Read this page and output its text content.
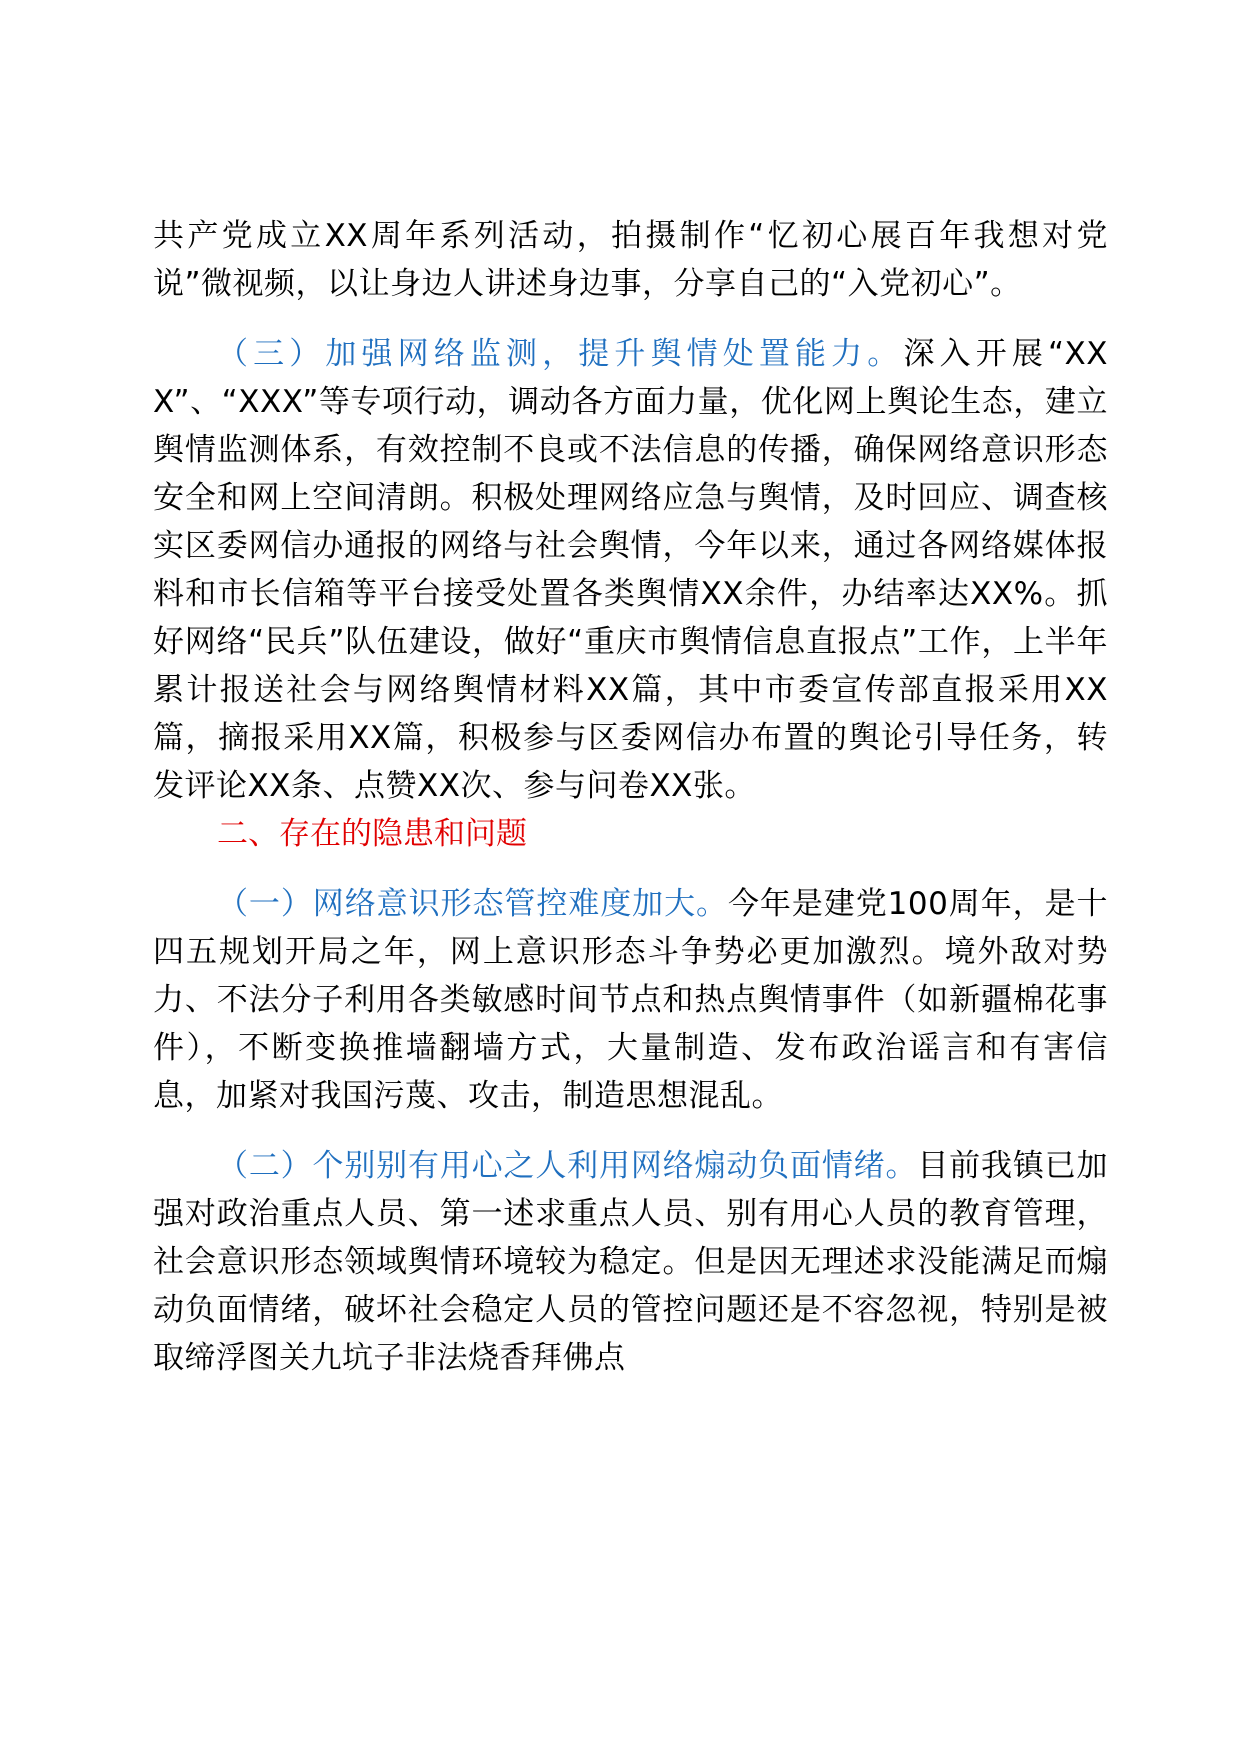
共产党成立XX周年系列活动，拍摄制作“忆初心展百年我想对党说”微视频，以让身边人讲述身边事，分享自己的“入党初心”。

（三）加强网络监测，提升舆情处置能力。深入开展“XXX”、“XXX”等专项行动，调动各方面力量，优化网上舆论生态，建立舆情监测体系，有效控制不良或不法信息的传播，确保网络意识形态安全和网上空间清朗。积极处理网络应急与舆情，及时回应、调查核实区委网信办通报的网络与社会舆情，今年以来，通过各网络媒体报料和市长信箱等平台接受处置各类舆情XX余件，办结率达XX%。抓好网络“民兵”队伍建设，做好“重庆市舆情信息直报点”工作，上半年累计报送社会与网络舆情材料XX篇，其中市委宣传部直报采用XX篇，摘报采用XX篇，积极参与区委网信办布置的舆论引导任务，转发评论XX条、点赞XX次、参与问卷XX张。

二、存在的隐患和问题

（一）网络意识形态管控难度加大。今年是建党100周年，是十四五规划开局之年，网上意识形态斗争势必更加激烈。境外敌对势力、不法分子利用各类敏感时间节点和热点舆情事件（如新疆棉花事件），不断变换推墙翻墙方式，大量制造、发布政治谣言和有害信息，加紧对我国污蔑、攻击，制造思想混乱。

（二）个别别有用心之人利用网络煽动负面情绪。目前我镇已加强对政治重点人员、第一述求重点人员、别有用心人员的教育管理，社会意识形态领域舆情环境较为稳定。但是因无理述求没能满足而煽动负面情绪，破坏社会稳定人员的管控问题还是不容忽视，特别是被取缔浮图关九坑子非法烧香拜佛点
